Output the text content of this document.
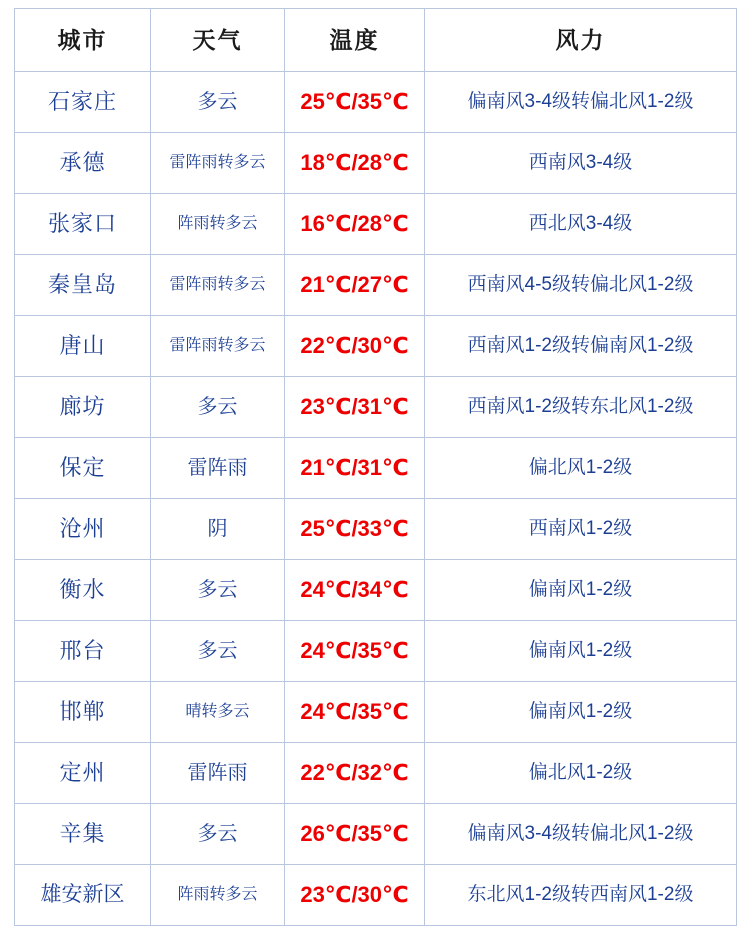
城市	天气	温度	风力
石家庄	多云	25℃/35℃	偏南风3-4级转偏北风1-2级
承德	雷阵雨转多云	18℃/28℃	西南风3-4级
张家口	阵雨转多云	16℃/28℃	西北风3-4级
秦皇岛	雷阵雨转多云	21℃/27℃	西南风4-5级转偏北风1-2级
唐山	雷阵雨转多云	22℃/30℃	西南风1-2级转偏南风1-2级
廊坊	多云	23℃/31℃	西南风1-2级转东北风1-2级
保定	雷阵雨	21℃/31℃	偏北风1-2级
沧州	阴	25℃/33℃	西南风1-2级
衡水	多云	24℃/34℃	偏南风1-2级
邢台	多云	24℃/35℃	偏南风1-2级
邯郸	晴转多云	24℃/35℃	偏南风1-2级
定州	雷阵雨	22℃/32℃	偏北风1-2级
辛集	多云	26℃/35℃	偏南风3-4级转偏北风1-2级
雄安新区	阵雨转多云	23℃/30℃	东北风1-2级转西南风1-2级
